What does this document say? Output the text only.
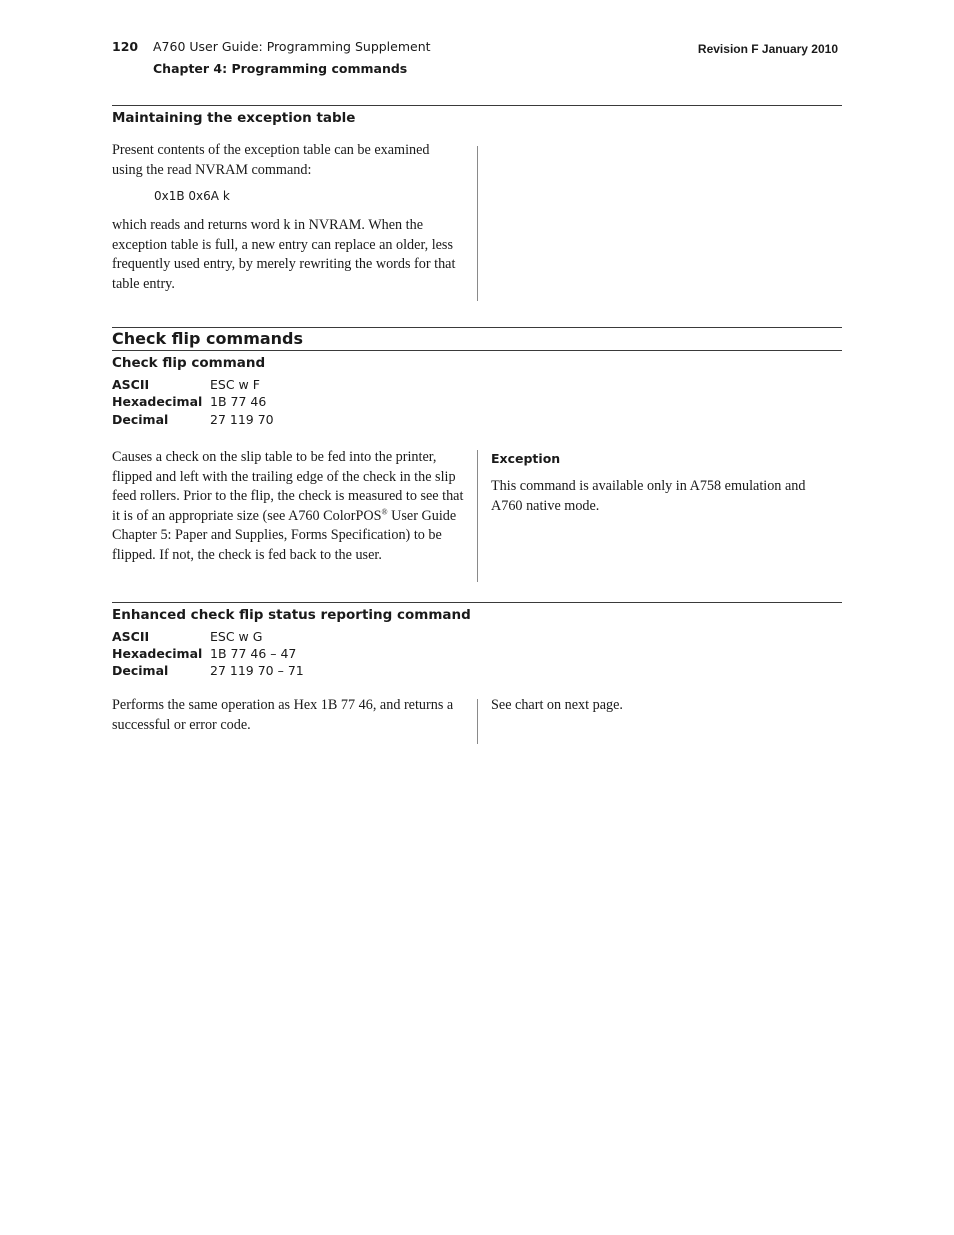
120 A760 User Guide: Programming Supplement
Chapter 4: Programming commands
Revision F January 2010
Maintaining the exception table
Present contents of the exception table can be examined using the read NVRAM command:
0x1B 0x6A k
which reads and returns word k in NVRAM. When the exception table is full, a new entry can replace an older, less frequently used entry, by merely rewriting the words for that table entry.
Check flip commands
Check flip command
ASCII	ESC w F
Hexadecimal 1B 77 46
Decimal	27 119 70
Causes a check on the slip table to be fed into the printer, flipped and left with the trailing edge of the check in the slip feed rollers. Prior to the flip, the check is measured to see that it is of an appropriate size (see A760 ColorPOS® User Guide Chapter 5: Paper and Supplies, Forms Specification) to be flipped. If not, the check is fed back to the user.
Exception
This command is available only in A758 emulation and A760 native mode.
Enhanced check flip status reporting command
ASCII	ESC w G
Hexadecimal 1B 77 46 – 47
Decimal	27 119 70 – 71
Performs the same operation as Hex 1B 77 46, and returns a successful or error code.
See chart on next page.
